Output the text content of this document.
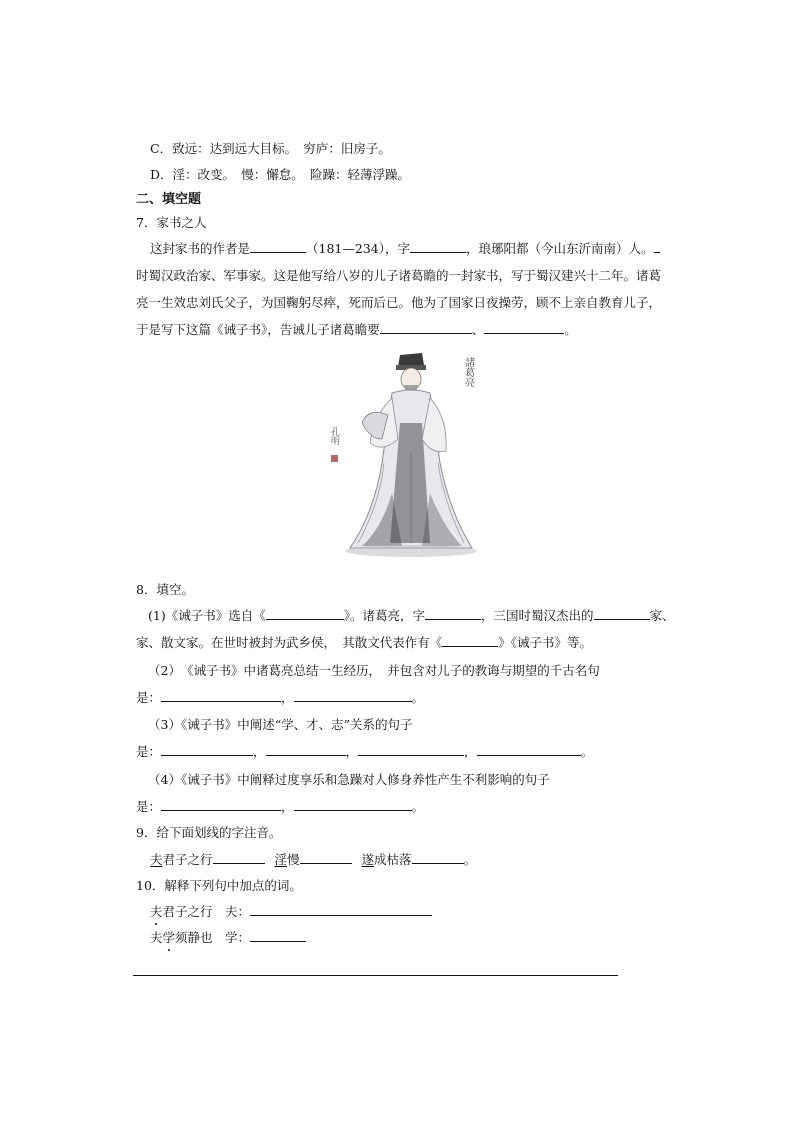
C．致远：达到远大目标。　穷庐：旧房子。
D．淫：改变。　慢：懈怠。　险躁：轻薄浮躁。
二、填空题
7．家书之人
这封家书的作者是	（181—234），字	，琅琊阳都（今山东沂南南）人。
时蜀汉政治家、军事家。这是他写给八岁的儿子诸葛瞻的一封家书，写于蜀汉建兴十二年。诸葛
亮一生效忠刘氏父子，为国鞠躬尽瘁，死而后已。他为了国家日夜操劳，顾不上亲自教育儿子，
于是写下这篇《诫子书》，告诫儿子诸葛瞻要	、	。
諸葛亮
孔明
8．填空。
(1)《诫子书》选自《	》。诸葛亮，字	，三国时蜀汉杰出的	家、
家、散文家。在世时被封为武乡侯，　其散文代表作有《	》《诫子书》等。
（2）　《诫子书》中诸葛亮总结一生经历，　并包含对儿子的教诲与期望的千古名句
是：	，	。
（3）《诫子书》中阐述“学、才、志”关系的句子
是：	，	，	，	。
（4）《诫子书》中阐释过度享乐和急躁对人修身养性产生不利影响的句子
是：	，	。
9．给下面划线的字注音。
夫君子之行	淫慢	遂成枯落	。
10．解释下列句中加点的词。
夫君子之行　夫：
夫学须静也　学：
